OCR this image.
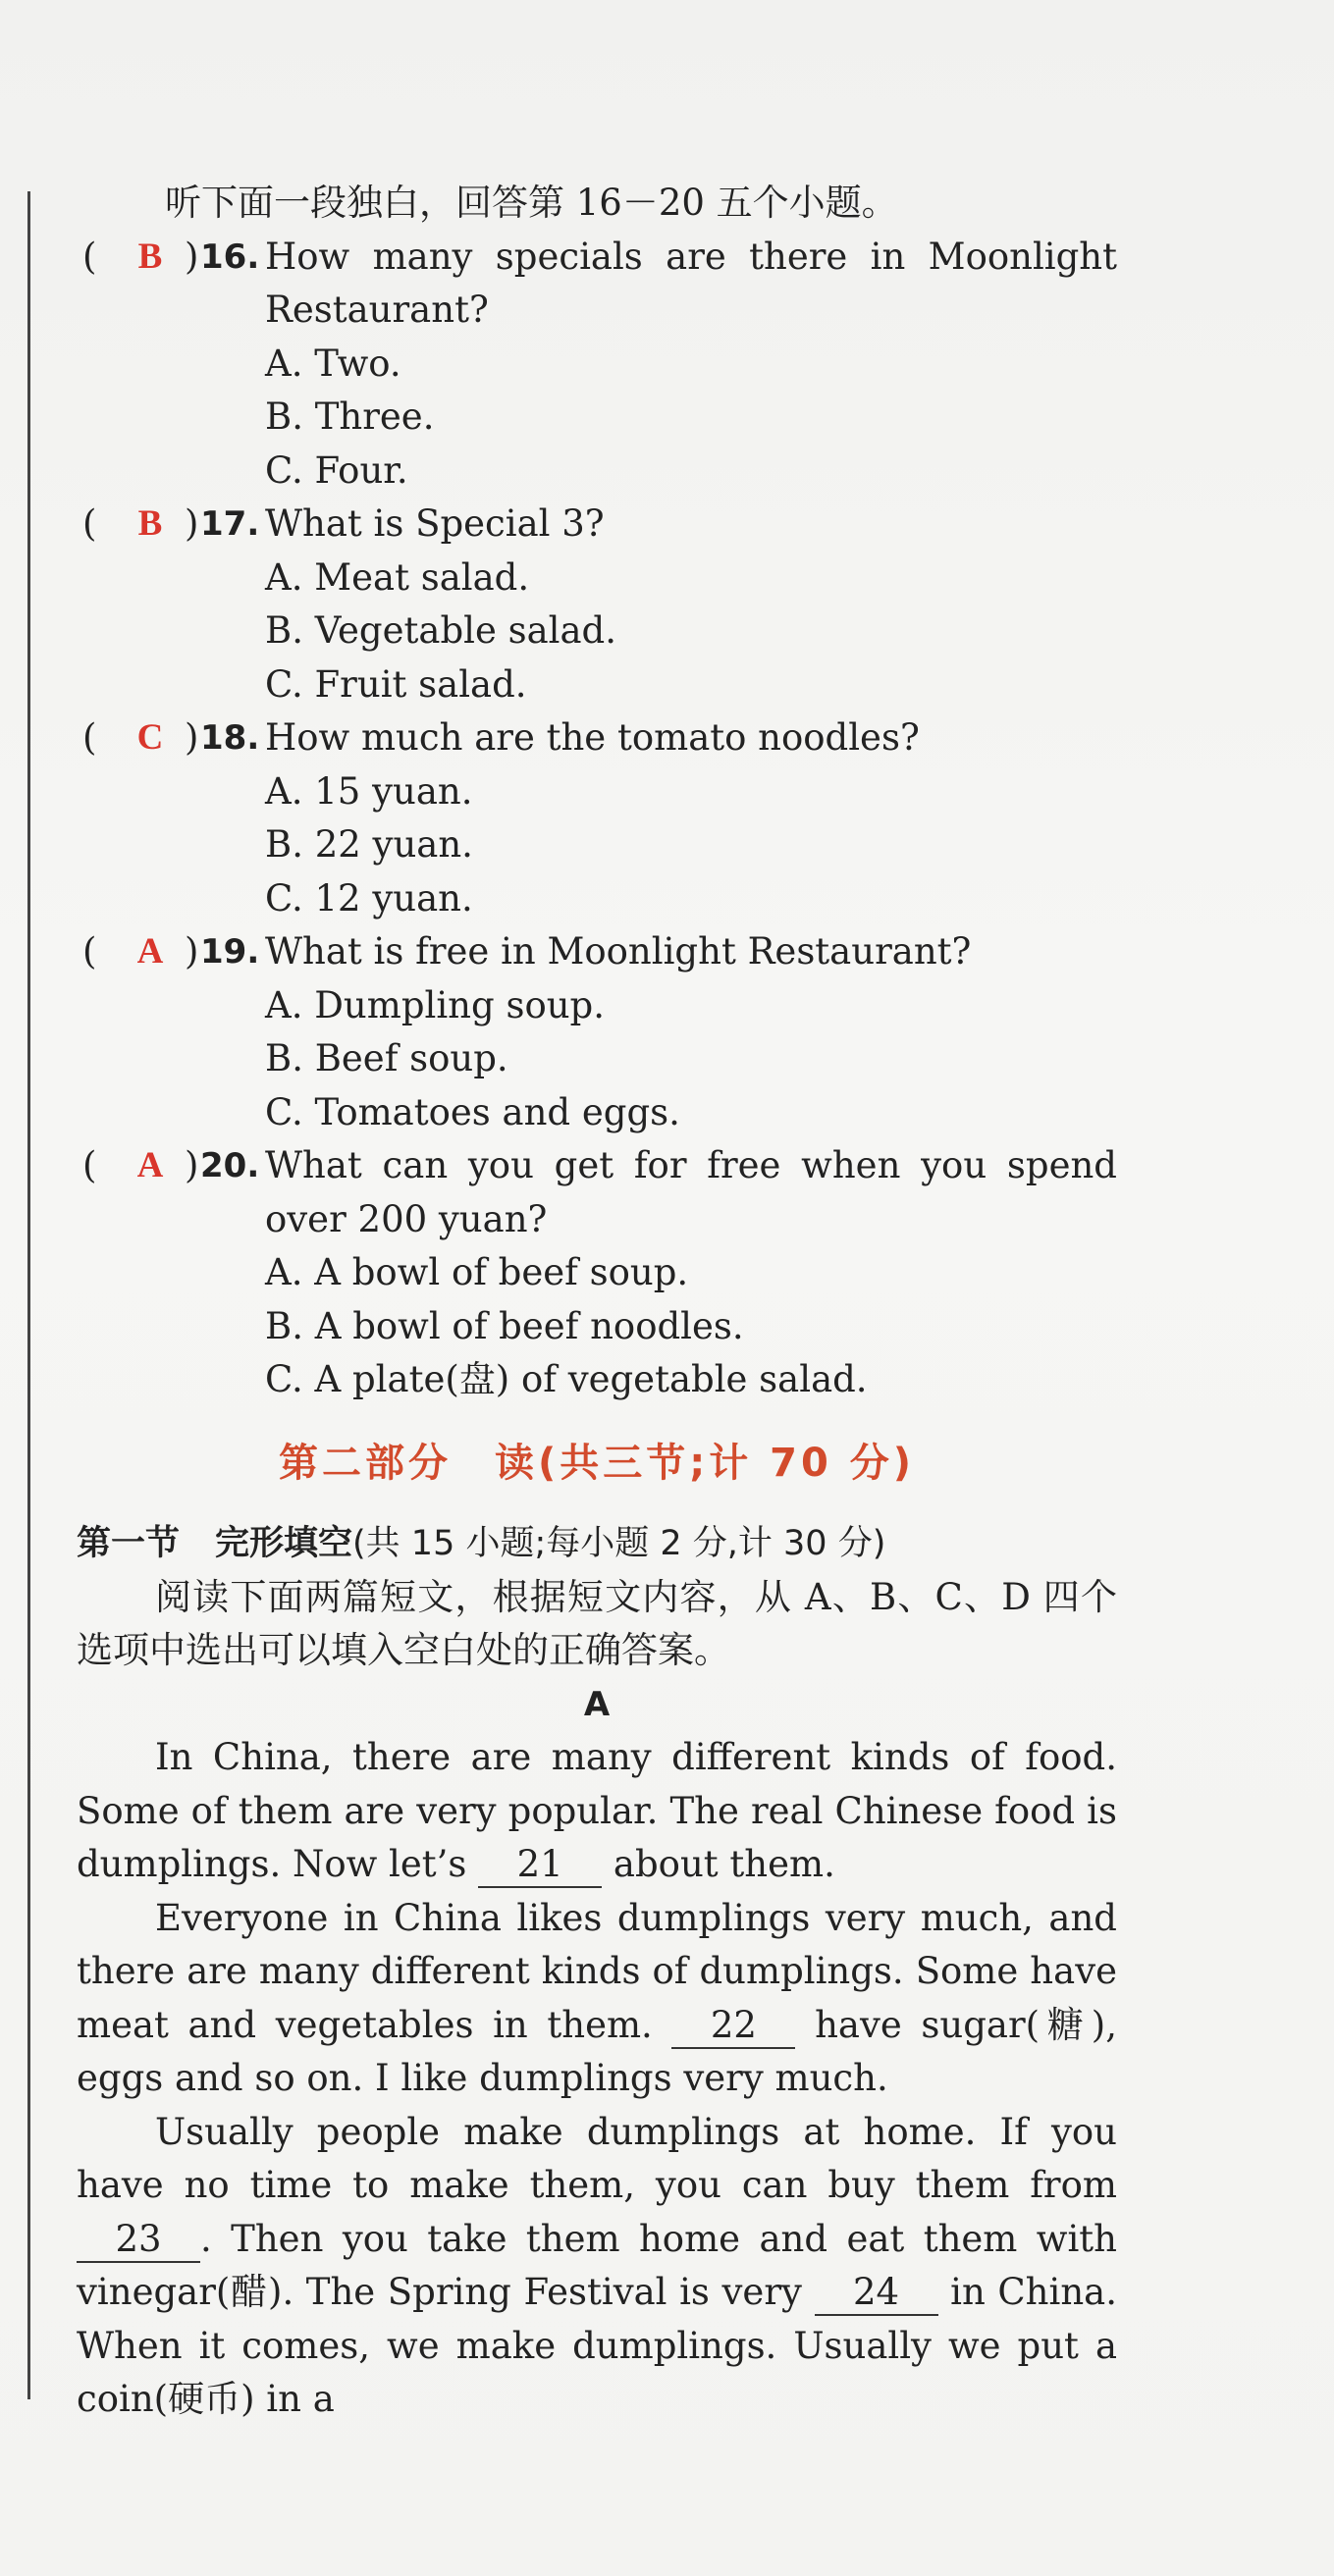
听下面一段独白，回答第 16－20 五个小题。

( B ) 16. How many specials are there in Moonlight Restaurant?

A. Two.

B. Three.

C. Four.

( B ) 17. What is Special 3?

A. Meat salad.

B. Vegetable salad.

C. Fruit salad.

( C ) 18. How much are the tomato noodles?

A. 15 yuan.

B. 22 yuan.

C. 12 yuan.

( A ) 19. What is free in Moonlight Restaurant?

A. Dumpling soup.

B. Beef soup.

C. Tomatoes and eggs.

( A ) 20. What can you get for free when you spend over 200 yuan?

A. A bowl of beef soup.

B. A bowl of beef noodles.

C. A plate(盘) of vegetable salad.

第二部分　读(共三节;计 70 分)

第一节 完形填空(共 15 小题;每小题 2 分,计 30 分)

阅读下面两篇短文，根据短文内容，从 A、B、C、D 四个选项中选出可以填入空白处的正确答案。

A

In China, there are many different kinds of food. Some of them are very popular. The real Chinese food is dumplings. Now let’s 21 about them.

Everyone in China likes dumplings very much, and there are many different kinds of dumplings. Some have meat and vegetables in them. 22 have sugar(糖), eggs and so on. I like dumplings very much.

Usually people make dumplings at home. If you have no time to make them, you can buy them from 23 . Then you take them home and eat them with vinegar(醋). The Spring Festival is very 24 in China. When it comes, we make dumplings. Usually we put a coin(硬币) in a
